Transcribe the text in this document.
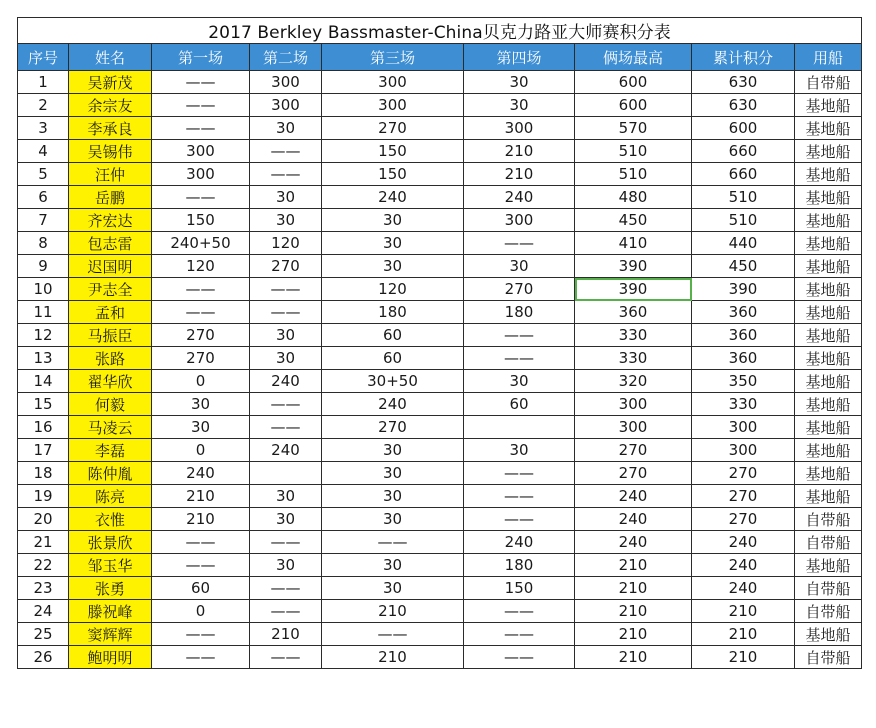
2017 Berkley Bassmaster-China贝克力路亚大师赛积分表								
序号	姓名	第一场	第二场	第三场	第四场	俩场最高	累计积分	用船
1	吴新茂	——	300	300	30	600	630	自带船
2	余宗友	——	300	300	30	600	630	基地船
3	李承良	——	30	270	300	570	600	基地船
4	吴锡伟	300	——	150	210	510	660	基地船
5	汪仲	300	——	150	210	510	660	基地船
6	岳鹏	——	30	240	240	480	510	基地船
7	齐宏达	150	30	30	300	450	510	基地船
8	包志雷	240+50	120	30	——	410	440	基地船
9	迟国明	120	270	30	30	390	450	基地船
10	尹志全	——	——	120	270	390	390	基地船
11	孟和	——	——	180	180	360	360	基地船
12	马振臣	270	30	60	——	330	360	基地船
13	张路	270	30	60	——	330	360	基地船
14	翟华欣	0	240	30+50	30	320	350	基地船
15	何毅	30	——	240	60	300	330	基地船
16	马凌云	30	——	270		300	300	基地船
17	李磊	0	240	30	30	270	300	基地船
18	陈仲胤	240		30	——	270	270	基地船
19	陈亮	210	30	30	——	240	270	基地船
20	衣惟	210	30	30	——	240	270	自带船
21	张景欣	——	——	——	240	240	240	自带船
22	邹玉华	——	30	30	180	210	240	基地船
23	张勇	60	——	30	150	210	240	自带船
24	滕祝峰	0	——	210	——	210	210	自带船
25	窦辉辉	——	210	——	——	210	210	基地船
26	鲍明明	——	——	210	——	210	210	自带船
